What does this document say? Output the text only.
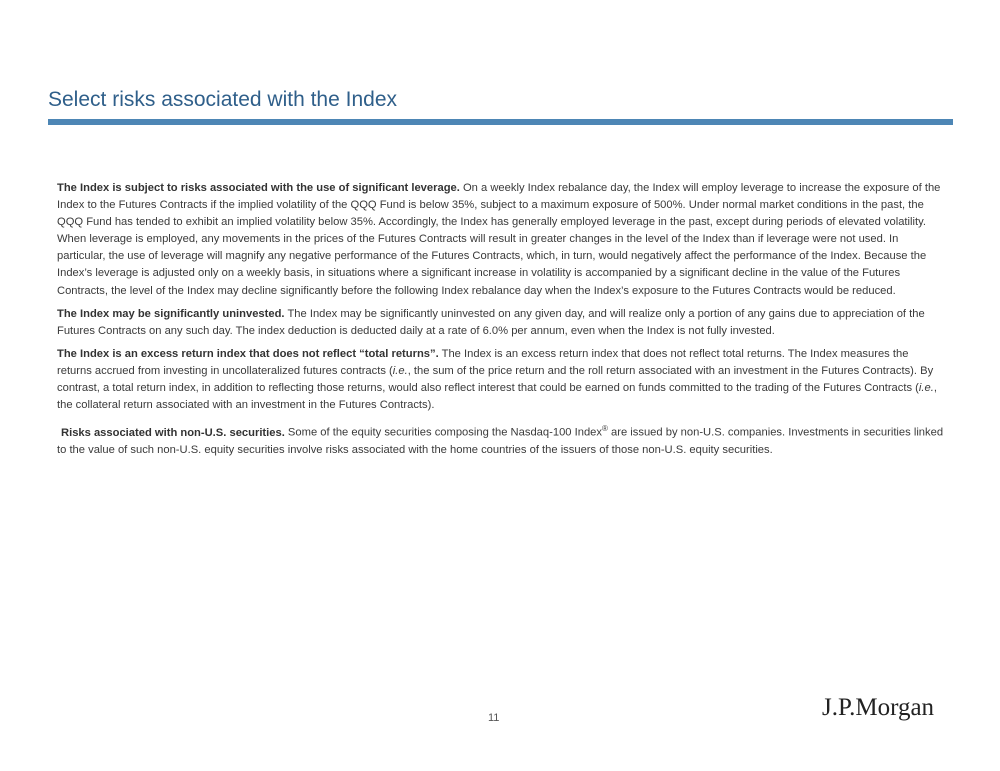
Select risks associated with the Index

The Index is subject to risks associated with the use of significant leverage. On a weekly Index rebalance day, the Index will employ leverage to increase the exposure of the Index to the Futures Contracts if the implied volatility of the QQQ Fund is below 35%, subject to a maximum exposure of 500%. Under normal market conditions in the past, the QQQ Fund has tended to exhibit an implied volatility below 35%. Accordingly, the Index has generally employed leverage in the past, except during periods of elevated volatility. When leverage is employed, any movements in the prices of the Futures Contracts will result in greater changes in the level of the Index than if leverage were not used. In particular, the use of leverage will magnify any negative performance of the Futures Contracts, which, in turn, would negatively affect the performance of the Index. Because the Index’s leverage is adjusted only on a weekly basis, in situations where a significant increase in volatility is accompanied by a significant decline in the value of the Futures Contracts, the level of the Index may decline significantly before the following Index rebalance day when the Index’s exposure to the Futures Contracts would be reduced.

The Index may be significantly uninvested. The Index may be significantly uninvested on any given day, and will realize only a portion of any gains due to appreciation of the Futures Contracts on any such day. The index deduction is deducted daily at a rate of 6.0% per annum, even when the Index is not fully invested.

The Index is an excess return index that does not reflect “total returns”. The Index is an excess return index that does not reflect total returns. The Index measures the returns accrued from investing in uncollateralized futures contracts (i.e., the sum of the price return and the roll return associated with an investment in the Futures Contracts). By contrast, a total return index, in addition to reflecting those returns, would also reflect interest that could be earned on funds committed to the trading of the Futures Contracts (i.e., the collateral return associated with an investment in the Futures Contracts).

Risks associated with non-U.S. securities. Some of the equity securities composing the Nasdaq-100 Index® are issued by non-U.S. companies. Investments in securities linked to the value of such non-U.S. equity securities involve risks associated with the home countries of the issuers of those non-U.S. equity securities.

11	J.P.Morgan
